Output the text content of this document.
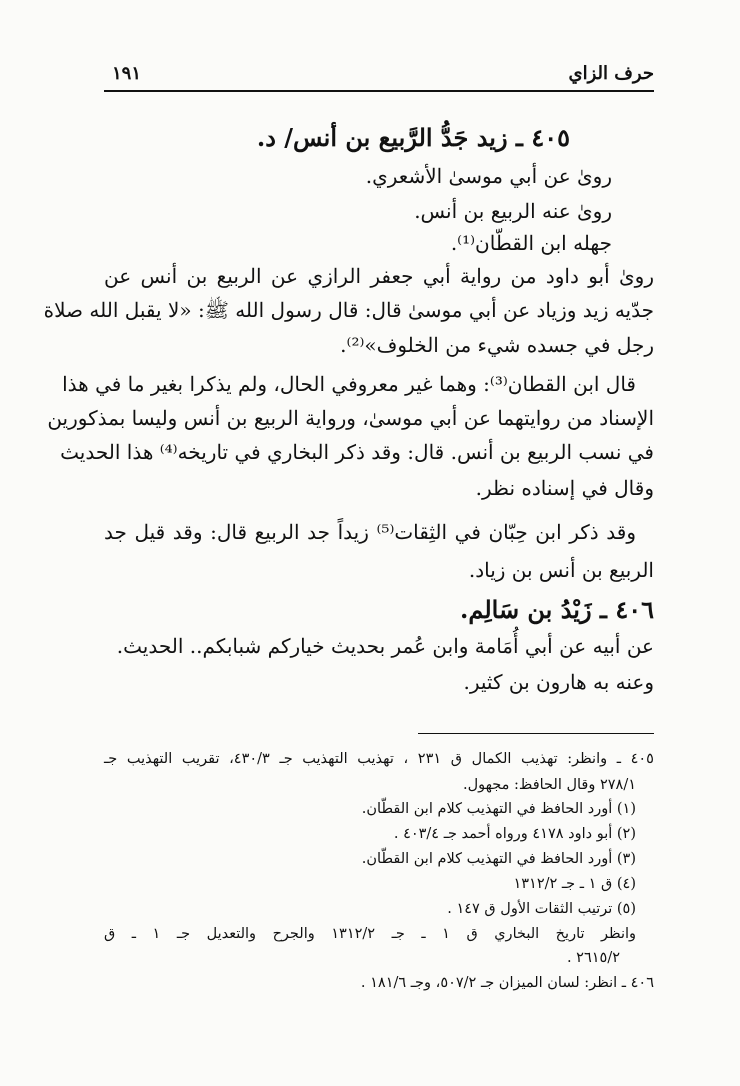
حرف الزاي
١٩١
٤٠٥ ـ زيد جَدُّ الرَّبيع بن أنس/ د.
روىٰ عن أبي موسىٰ الأشعري.
روىٰ عنه الربيع بن أنس.
جهله ابن القطّان⁽¹⁾.
روىٰ أبو داود من رواية أبي جعفر الرازي عن الربيع بن أنس عن
جدّيه زيد وزياد عن أبي موسىٰ قال: قال رسول الله ﷺ: «لا يقبل الله صلاة
رجل في جسده شيء من الخلوف»⁽²⁾.
قال ابن القطان⁽³⁾: وهما غير معروفي الحال، ولم يذكرا بغير ما في هذا
الإسناد من روايتهما عن أبي موسىٰ، ورواية الربيع بن أنس وليسا بمذكورين
في نسب الربيع بن أنس. قال: وقد ذكر البخاري في تاريخه⁽⁴⁾ هذا الحديث
وقال في إسناده نظر.
وقد ذكر ابن حِبّان في الثِقات⁽⁵⁾ زيداً جد الربيع قال: وقد قيل جد
الربيع بن أنس بن زياد.
٤٠٦ ـ زَيْدُ بن سَالِم.
عن أبيه عن أبي أُمَامة وابن عُمر بحديث خياركم شبابكم.. الحديث.
وعنه به هارون بن كثير.
٤٠٥ ـ وانظر: تهذيب الكمال ق ٢٣١ ، تهذيب التهذيب جـ ٤٣٠/٣، تقريب التهذيب جـ
٢٧٨/١ وقال الحافظ: مجهول.
(١) أورد الحافظ في التهذيب كلام ابن القطّان.
(٢) أبو داود ٤١٧٨ ورواه أحمد جـ ٤٠٣/٤ .
(٣) أورد الحافظ في التهذيب كلام ابن القطّان.
(٤) ق ١ ـ جـ ١٣١٢/٢
(٥) ترتيب الثقات الأول ق ١٤٧ .
وانظر تاريخ البخاري ق ١ ـ جـ ١٣١٢/٢ والجرح والتعديل جـ ١ ـ ق
٢٦١٥/٢ .
٤٠٦ ـ انظر: لسان الميزان جـ ٥٠٧/٢، وجـ ١٨١/٦ .
